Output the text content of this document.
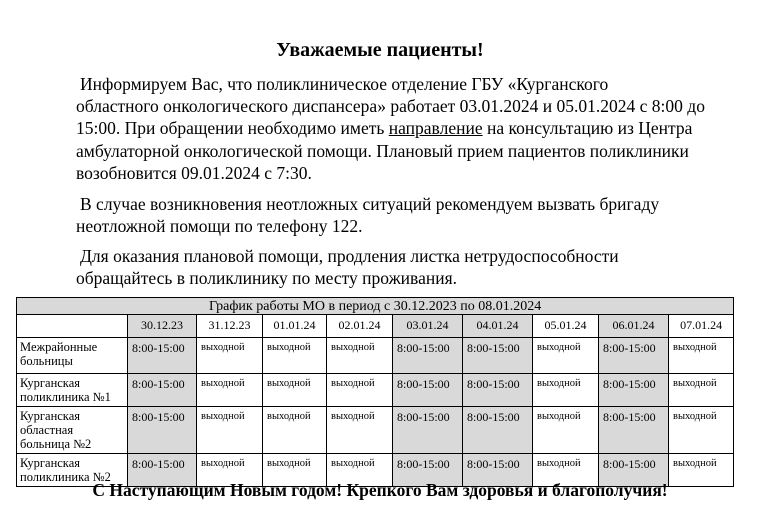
Уважаемые пациенты!
Информируем Вас, что поликлиническое отделение ГБУ «Курганского
областного онкологического диспансера» работает 03.01.2024 и 05.01.2024 с 8:00 до
15:00. При обращении необходимо иметь направление на консультацию из Центра
амбулаторной онкологической помощи. Плановый прием пациентов поликлиники
возобновится 09.01.2024 с 7:30.
В случае возникновения неотложных ситуаций рекомендуем вызвать бригаду
неотложной помощи по телефону 122.
Для оказания плановой помощи, продления листка нетрудоспособности
обращайтесь в поликлинику по месту проживания.
График работы МО в период с 30.12.2023 по 08.01.2024									
	30.12.23	31.12.23	01.01.24	02.01.24	03.01.24	04.01.24	05.01.24	06.01.24	07.01.24

Межрайонные
больницы	8:00-15:00	выходной	выходной	выходной	8:00-15:00	8:00-15:00	выходной	8:00-15:00	выходной

Курганская
поликлиника №1	8:00-15:00	выходной	выходной	выходной	8:00-15:00	8:00-15:00	выходной	8:00-15:00	выходной

Курганская
областная
больница №2	8:00-15:00	выходной	выходной	выходной	8:00-15:00	8:00-15:00	выходной	8:00-15:00	выходной

Курганская
поликлиника №2	8:00-15:00	выходной	выходной	выходной	8:00-15:00	8:00-15:00	выходной	8:00-15:00	выходной
С Наступающим Новым годом! Крепкого Вам здоровья и благополучия!
